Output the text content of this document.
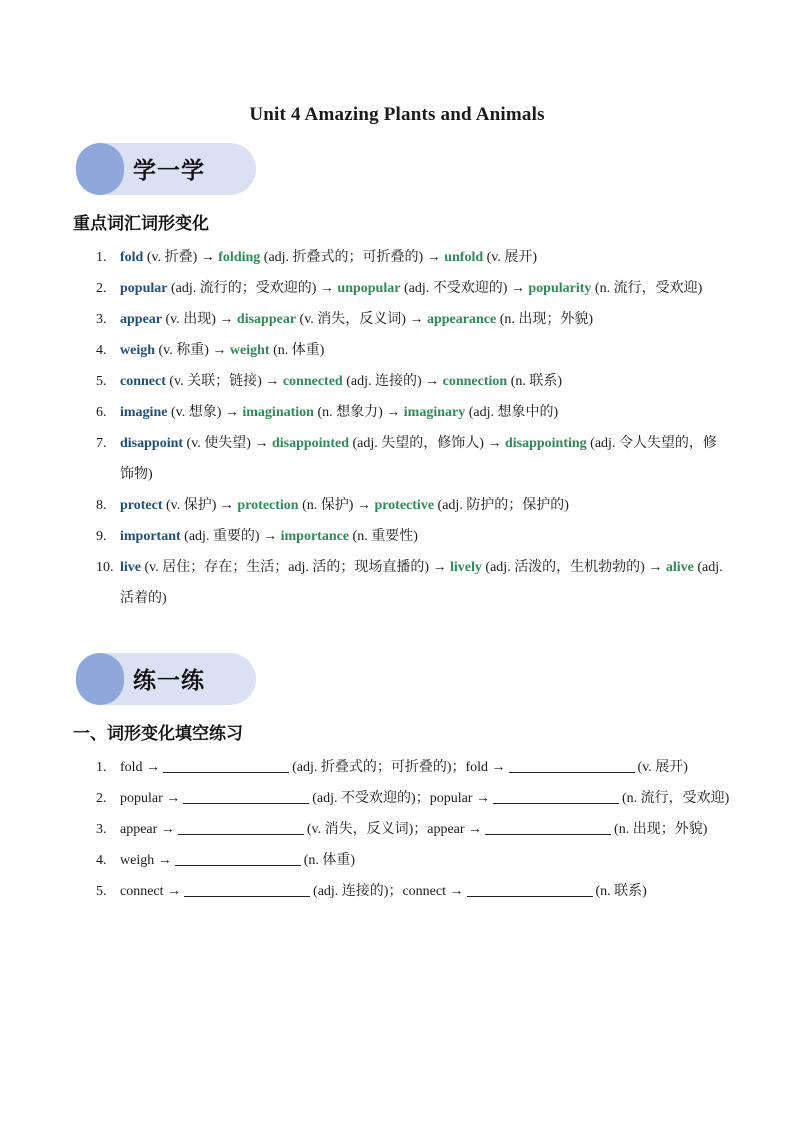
Unit 4 Amazing Plants and Animals
学一学
重点词汇词形变化
1. fold (v. 折叠) → folding (adj. 折叠式的；可折叠的) → unfold (v. 展开)
2. popular (adj. 流行的；受欢迎的) → unpopular (adj. 不受欢迎的) → popularity (n. 流行，受欢迎)
3. appear (v. 出现) → disappear (v. 消失，反义词) → appearance (n. 出现；外貌)
4. weigh (v. 称重) → weight (n. 体重)
5. connect (v. 关联；链接) → connected (adj. 连接的) → connection (n. 联系)
6. imagine (v. 想象) → imagination (n. 想象力) → imaginary (adj. 想象中的)
7. disappoint (v. 使失望) → disappointed (adj. 失望的，修饰人) → disappointing (adj. 令人失望的，修饰物)
8. protect (v. 保护) → protection (n. 保护) → protective (adj. 防护的；保护的)
9. important (adj. 重要的) → importance (n. 重要性)
10. live (v. 居住；存在；生活；adj. 活的；现场直播的) → lively (adj. 活泼的，生机勃勃的) → alive (adj. 活着的)
练一练
一、词形变化填空练习
1. fold →	(adj. 折叠式的；可折叠的)；fold →	(v. 展开)
2. popular →	(adj. 不受欢迎的)；popular →	(n. 流行，受欢迎)
3. appear →	(v. 消失，反义词)；appear →	(n. 出现；外貌)
4. weigh →	(n. 体重)
5. connect →	(adj. 连接的)；connect →	(n. 联系)
